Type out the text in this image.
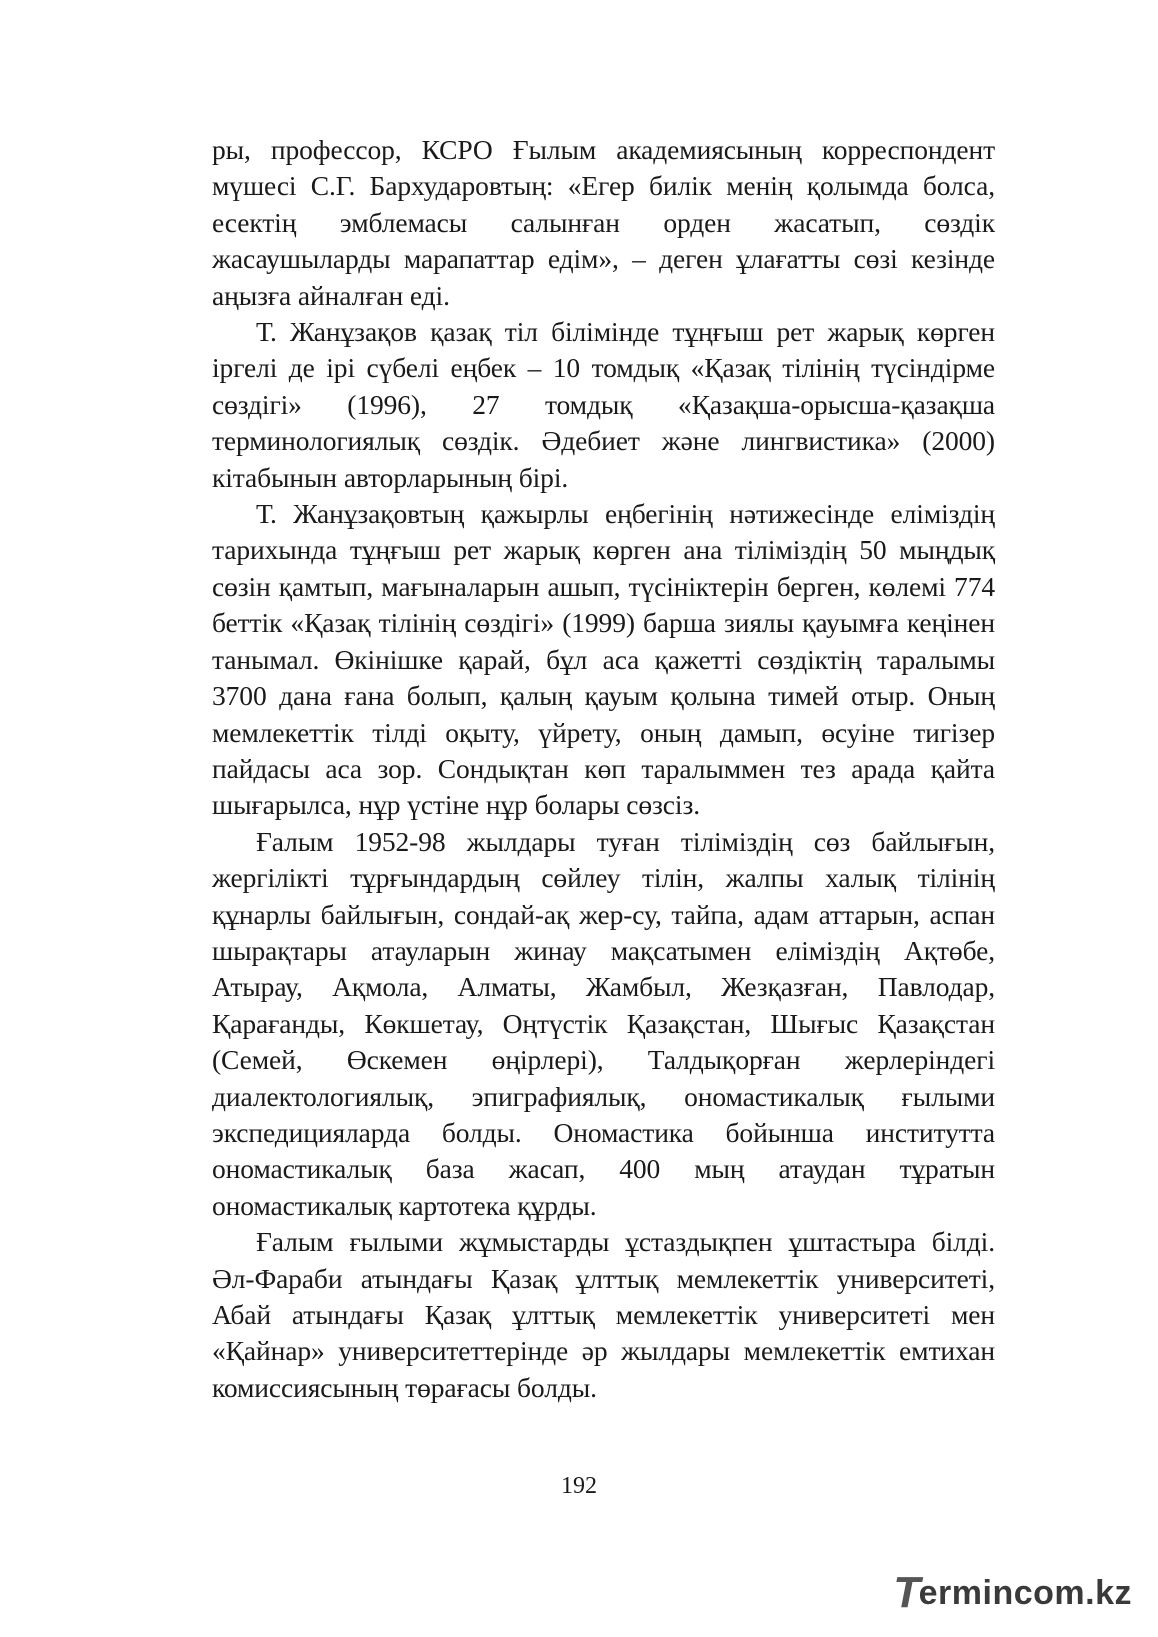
ры, профессор, КСРО Ғылым академиясының корреспондент мүшесі С.Г. Бархударовтың: «Егер билік менің қолымда болса, есектің эмблемасы салынған орден жасатып, сөздік жасаушыларды марапаттар едім», – деген ұлағатты сөзі кезінде аңызға айналған еді.

Т. Жанұзақов қазақ тіл білімінде тұңғыш рет жарық көрген іргелі де ірі сүбелі еңбек – 10 томдық «Қазақ тілінің түсіндірме сөздігі» (1996), 27 томдық «Қазақша-орысша-қазақша терминологиялық сөздік. Әдебиет және лингвистика» (2000) кітабынын авторларының бірі.

Т. Жанұзақовтың қажырлы еңбегінің нәтижесінде еліміздің тарихында тұңғыш рет жарық көрген ана тіліміздің 50 мыңдық сөзін қамтып, мағыналарын ашып, түсініктерін берген, көлемі 774 беттік «Қазақ тілінің сөздігі» (1999) барша зиялы қауымға кеңінен танымал. Өкінішке қарай, бұл аса қажетті сөздіктің таралымы 3700 дана ғана болып, қалың қауым қолына тимей отыр. Оның мемлекеттік тілді оқыту, үйрету, оның дамып, өсуіне тигізер пайдасы аса зор. Сондықтан көп таралыммен тез арада қайта шығарылса, нұр үстіне нұр болары сөзсіз.

Ғалым 1952-98 жылдары туған тіліміздің сөз байлығын, жергілікті тұрғындардың сөйлеу тілін, жалпы халық тілінің құнарлы байлығын, сондай-ақ жер-су, тайпа, адам аттарын, аспан шырақтары атауларын жинау мақсатымен еліміздің Ақтөбе, Атырау, Ақмола, Алматы, Жамбыл, Жезқазған, Павлодар, Қарағанды, Көкшетау, Оңтүстік Қазақстан, Шығыс Қазақстан (Семей, Өскемен өңірлері), Талдықорған жерлеріндегі диалектологиялық, эпиграфиялық, ономастикалық ғылыми экспедицияларда болды. Ономастика бойынша институтта ономастикалық база жасап, 400 мың атаудан тұратын ономастикалық картотека құрды.

Ғалым ғылыми жұмыстарды ұстаздықпен ұштастыра білді. Әл-Фараби атындағы Қазақ ұлттық мемлекеттік университеті, Абай атындағы Қазақ ұлттық мемлекеттік университеті мен «Қайнар» университеттерінде әр жылдары мемлекеттік емтихан комиссиясының төрағасы болды.

192
T
ermincom.kz
